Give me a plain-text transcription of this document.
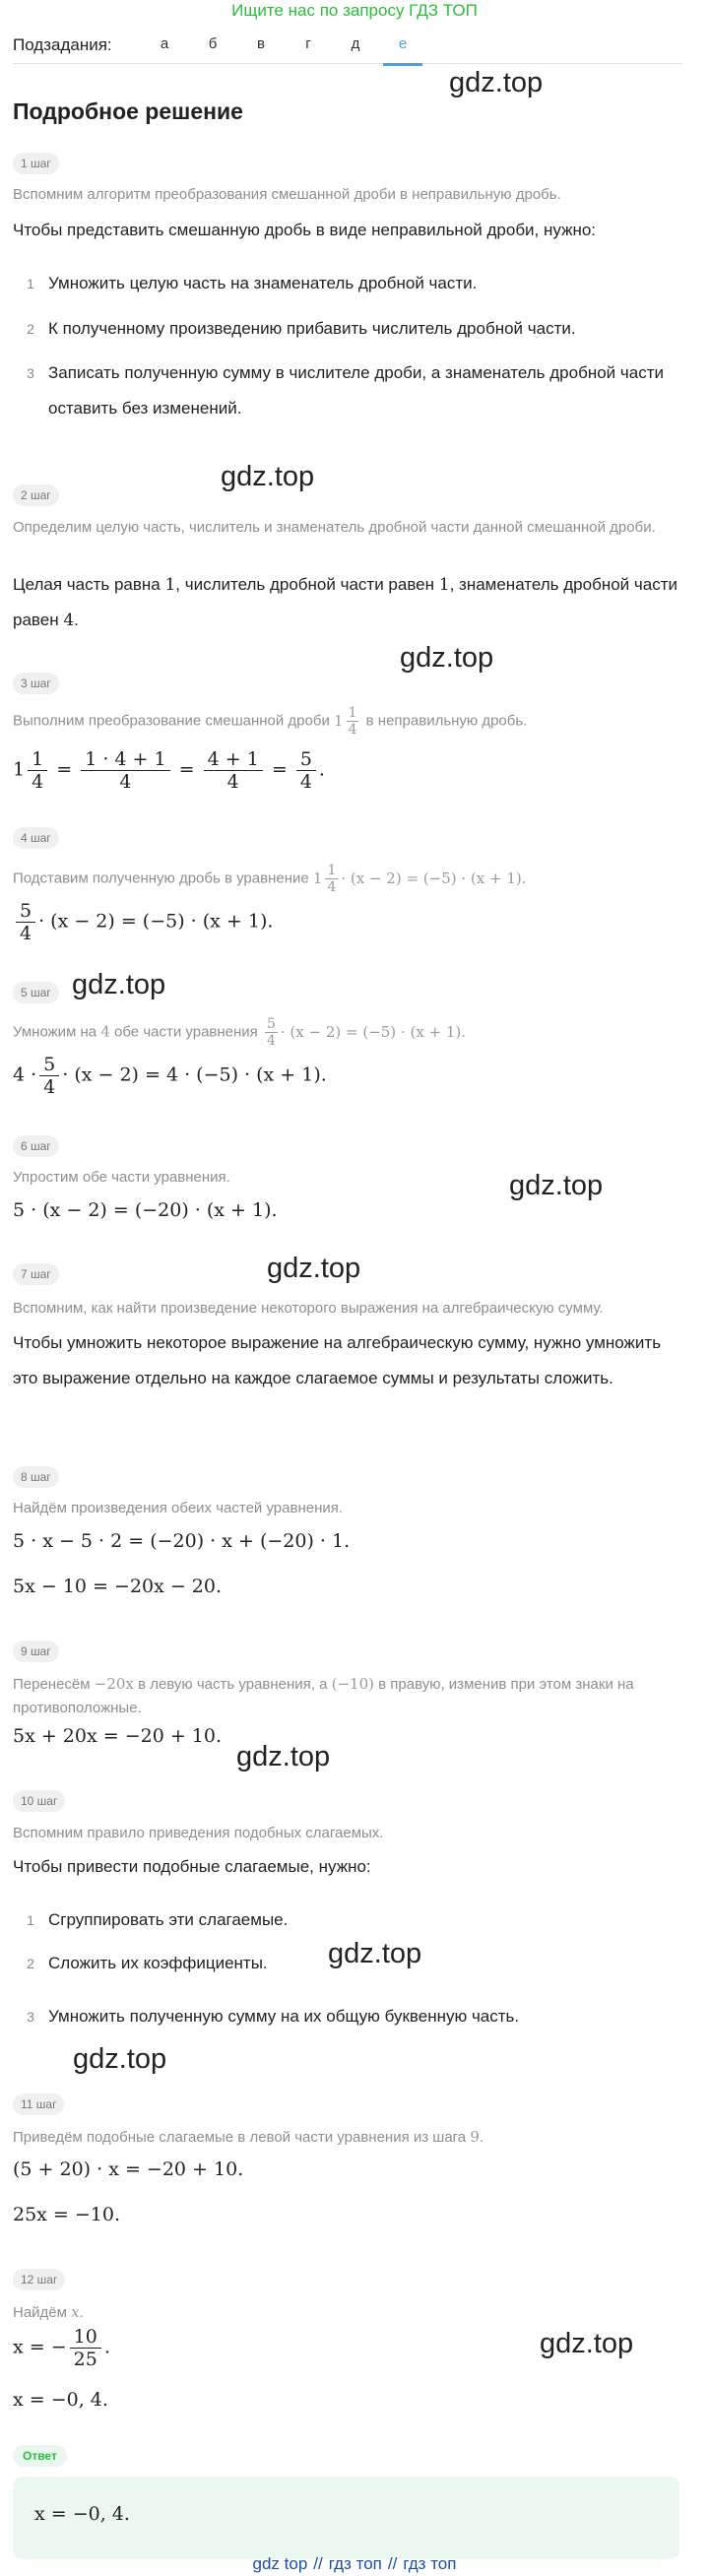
Ищите нас по запросу ГДЗ ТОП
Подзадания:	а	б	в	г	д	е
gdz.top
gdz.top
gdz.top
gdz.top
gdz.top
gdz.top
gdz.top
gdz.top
gdz.top
gdz.top
Подробное решение
1 шаг
Вспомним алгоритм преобразования смешанной дроби в неправильную дробь.
Чтобы представить смешанную дробь в виде неправильной дроби, нужно:
1 Умножить целую часть на знаменатель дробной части.
2 К полученному произведению прибавить числитель дробной части.
3 Записать полученную сумму в числителе дроби, а знаменатель дробной части оставить без изменений.
2 шаг
Определим целую часть, числитель и знаменатель дробной части данной смешанной дроби.
Целая часть равна 1, числитель дробной части равен 1, знаменатель дробной части равен 4.
3 шаг
Выполним преобразование смешанной дроби $1 \frac{1}{4}$ в неправильную дробь.
$1 \frac{1}{4} = \frac{1 \cdot 4 + 1}{4} = \frac{4 + 1}{4} = \frac{5}{4}$ .
4 шаг
Подставим полученную дробь в уравнение $1 \frac{1}{4} \cdot (x - 2) = (-5) \cdot (x + 1)$.
$\frac{5}{4} \cdot (x - 2) = (-5) \cdot (x + 1)$.
5 шаг
Умножим на 4 обе части уравнения $\frac{5}{4} \cdot (x - 2) = (-5) \cdot (x + 1)$.
$4 \cdot \frac{5}{4} \cdot (x - 2) = 4 \cdot (-5) \cdot (x + 1)$.
6 шаг
Упростим обе части уравнения.
5 · (x − 2) = (−20) · (x + 1).
7 шаг
Вспомним, как найти произведение некоторого выражения на алгебраическую сумму.
Чтобы умножить некоторое выражение на алгебраическую сумму, нужно умножить это выражение отдельно на каждое слагаемое суммы и результаты сложить.
8 шаг
Найдём произведения обеих частей уравнения.
5 · x − 5 · 2 = (−20) · x + (−20) · 1.
5x − 10 = −20x − 20.
9 шаг
Перенесём −20x в левую часть уравнения, а (−10) в правую, изменив при этом знаки на противоположные.
5x + 20x = −20 + 10.
10 шаг
Вспомним правило приведения подобных слагаемых.
Чтобы привести подобные слагаемые, нужно:
1 Сгруппировать эти слагаемые.
2 Сложить их коэффициенты.
3 Умножить полученную сумму на их общую буквенную часть.
11 шаг
Приведём подобные слагаемые в левой части уравнения из шага 9.
(5 + 20) · x = −20 + 10.
25x = −10.
12 шаг
Найдём x.
x = − $\frac{10}{25}$ .
x = −0, 4.
Ответ
x = −0, 4.
gdz top // гдз топ // гдз топ
